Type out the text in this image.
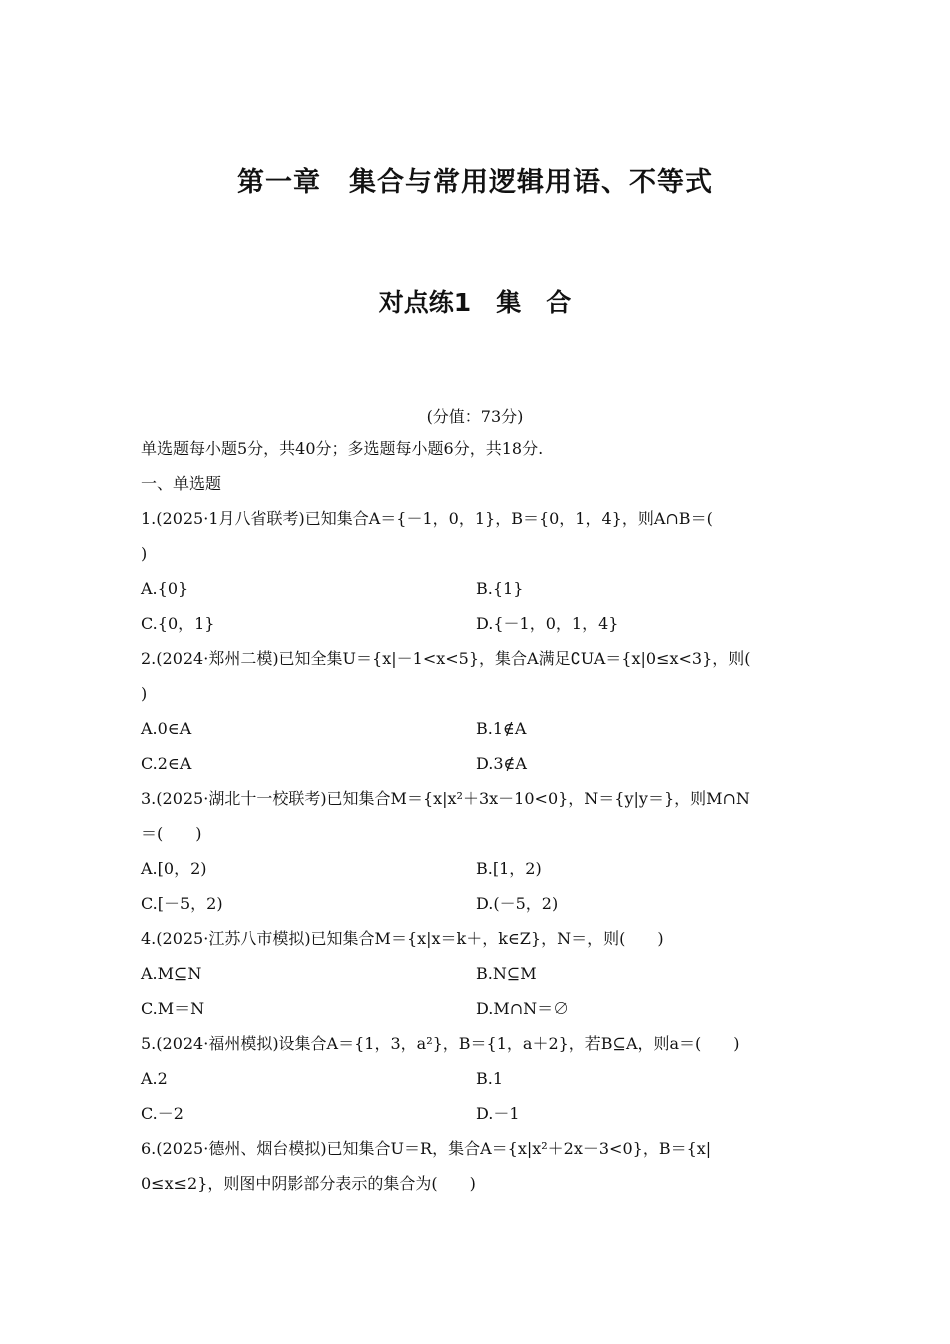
第一章　集合与常用逻辑用语、不等式
对点练1　集　合
(分值：73分)
单选题每小题5分，共40分；多选题每小题6分，共18分.
一、单选题
1.(2025·1月八省联考)已知集合A＝{－1，0，1}，B＝{0，1，4}，则A∩B＝(
)
A.{0}	B.{1}
C.{0，1}	D.{－1，0，1，4}
2.(2024·郑州二模)已知全集U＝{x|－1<x<5}，集合A满足∁UA＝{x|0≤x<3}，则(
)
A.0∈A	B.1∉A
C.2∈A	D.3∉A
3.(2025·湖北十一校联考)已知集合M＝{x|x²＋3x－10<0}，N＝{y|y＝}，则M∩N
＝(　　)
A.[0，2)	B.[1，2)
C.[－5，2)	D.(－5，2)
4.(2025·江苏八市模拟)已知集合M＝{x|x＝k＋，k∈Z}，N＝，则(　　)
A.M⊆N	B.N⊆M
C.M＝N	D.M∩N＝∅
5.(2024·福州模拟)设集合A＝{1，3，a²}，B＝{1，a＋2}，若B⊆A，则a＝(　　)
A.2	B.1
C.－2	D.－1
6.(2025·德州、烟台模拟)已知集合U＝R，集合A＝{x|x²＋2x－3<0}，B＝{x|
0≤x≤2}，则图中阴影部分表示的集合为(　　)
